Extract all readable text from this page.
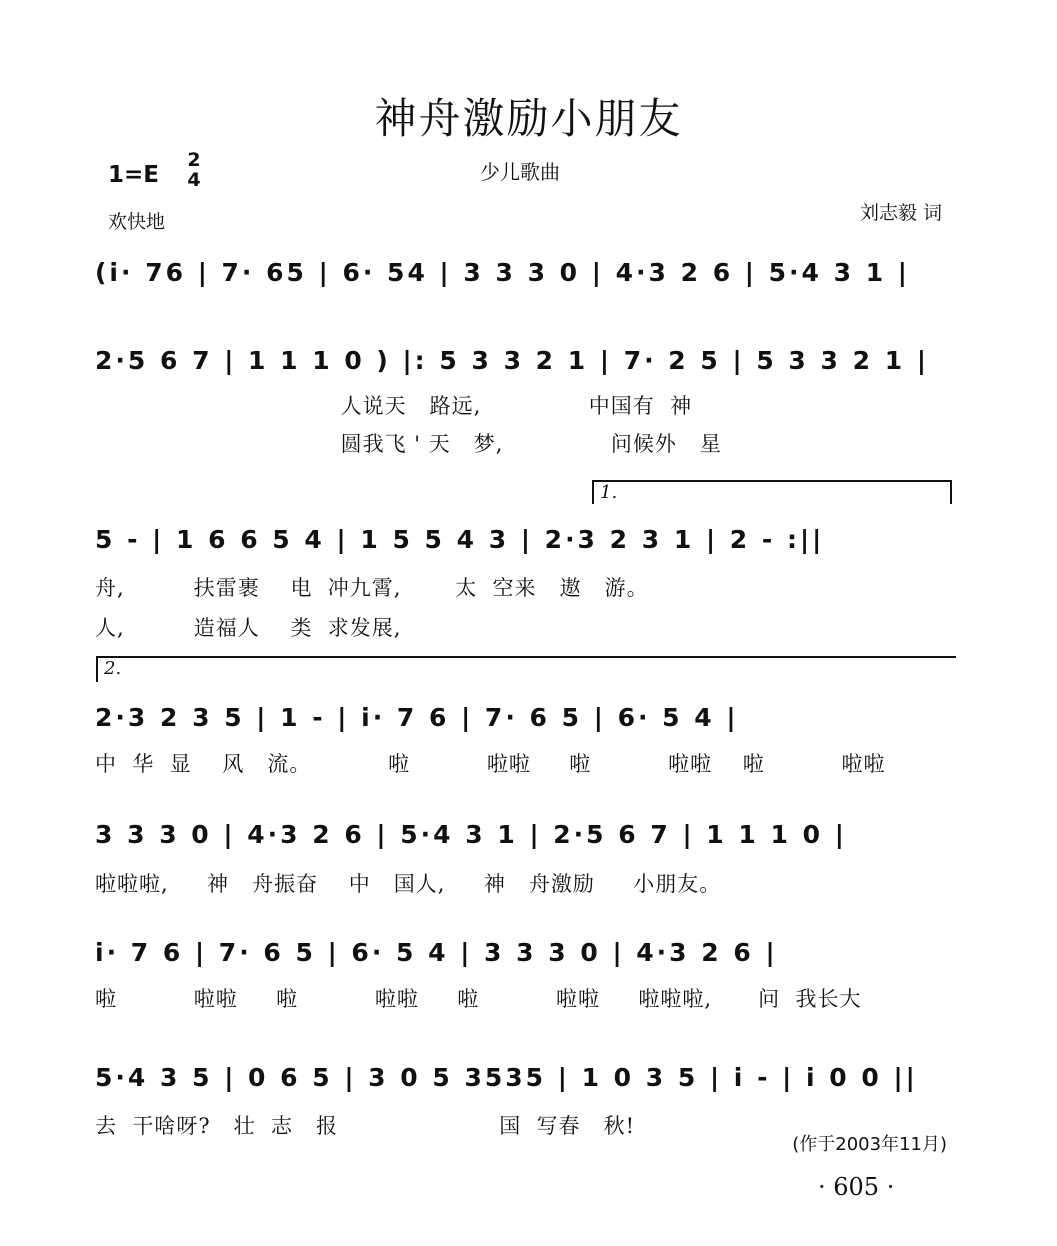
神舟激励小朋友
少儿歌曲
1=E
2
4
欢快地	刘志毅 词
(i· 76 | 7· 65 | 6· 54 | 3 3 3 0 | 4·3 2 6 | 5·4 3 1 |
2·5 6 7 | 1 1 1 0 ) |: 5 3 3 2 1 | 7· 2 5 | 5 3 3 2 1 |
人说天   路远,              中国有  神
圆我飞 ' 天   梦,              问候外   星
1.
5 - | 1 6 6 5 4 | 1 5 5 4 3 | 2·3 2 3 1 | 2 - :||
舟,         扶雷裹    电  冲九霄,       太  空来   遨   游。
人,         造福人    类  求发展,
2.
2·3 2 3 5 | 1 - | i· 7 6 | 7· 6 5 | 6· 5 4 |
中  华  显    风   流。          啦          啦啦     啦          啦啦    啦          啦啦
3 3 3 0 | 4·3 2 6 | 5·4 3 1 | 2·5 6 7 | 1 1 1 0 |
啦啦啦,     神   舟振奋    中   国人,     神   舟激励     小朋友。
i· 7 6 | 7· 6 5 | 6· 5 4 | 3 3 3 0 | 4·3 2 6 |
啦          啦啦     啦          啦啦     啦          啦啦     啦啦啦,      问  我长大
5·4 3 5 | 0 6 5 | 3 0 5 3535 | 1 0 3 5 | i - | i 0 0 ||
去  干啥呀?   壮  志   报                     国  写春   秋!
(作于2003年11月)
· 605 ·
